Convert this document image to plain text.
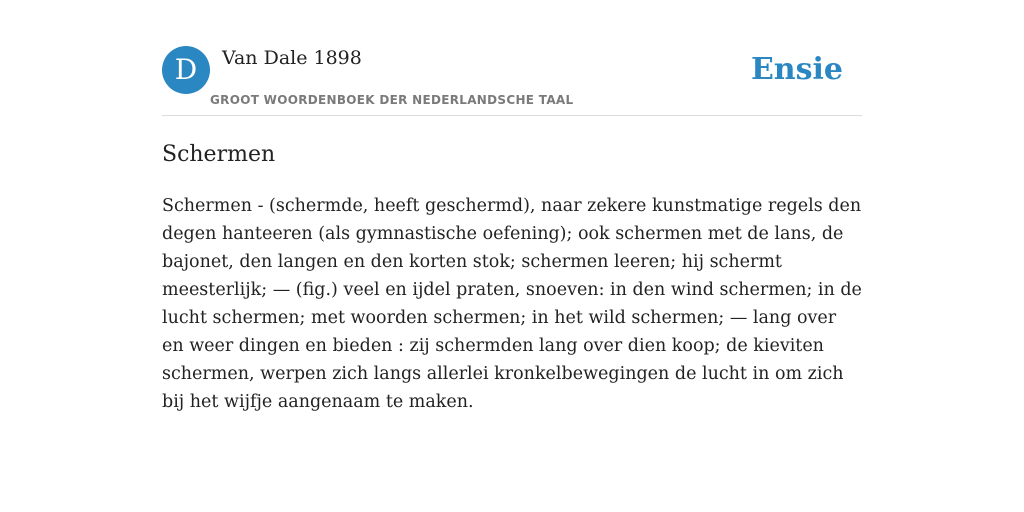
D	Van Dale 1898
GROOT WOORDENBOEK DER NEDERLANDSCHE TAAL
Ensie
Schermen

Schermen - (schermde, heeft geschermd), naar zekere kunstmatige regels den degen hanteeren (als gymnastische oefening); ook schermen met de lans, de bajonet, den langen en den korten stok; schermen leeren; hij schermt meesterlijk; — (fig.) veel en ijdel praten, snoeven: in den wind schermen; in de lucht schermen; met woorden schermen; in het wild schermen; — lang over en weer dingen en bieden : zij schermden lang over dien koop; de kieviten schermen, werpen zich langs allerlei kronkelbewegingen de lucht in om zich bij het wijfje aangenaam te maken.
